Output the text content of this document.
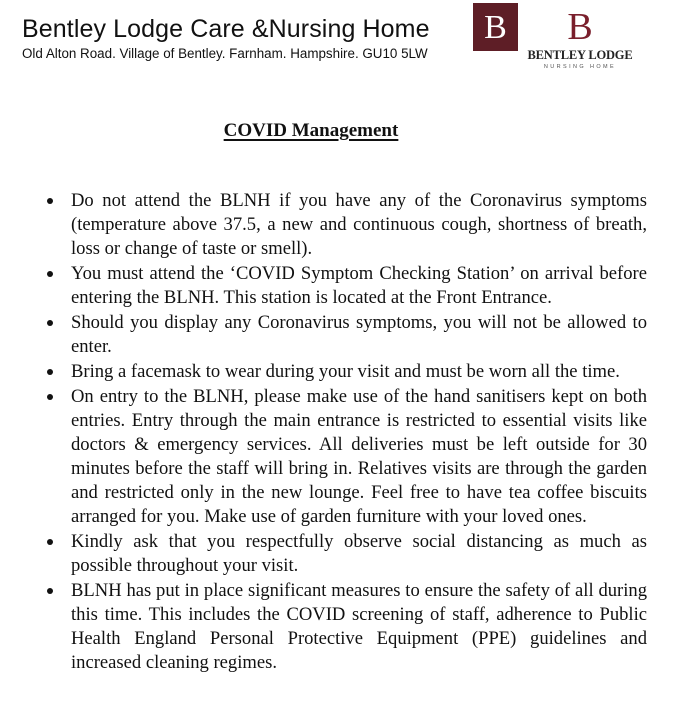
Bentley Lodge Care &Nursing Home
Old Alton Road. Village of Bentley. Farnham. Hampshire. GU10 5LW
B	B
BENTLEY LODGE
NURSING HOME
COVID Management
Do not attend the BLNH if you have any of the Coronavirus symptoms (temperature above 37.5, a new and continuous cough, shortness of breath, loss or change of taste or smell).
You must attend the ‘COVID Symptom Checking Station’ on arrival before entering the BLNH. This station is located at the Front Entrance.
Should you display any Coronavirus symptoms, you will not be allowed to enter.
Bring a facemask to wear during your visit and must be worn all the time.
On entry to the BLNH, please make use of the hand sanitisers kept on both entries. Entry through the main entrance is restricted to essential visits like doctors & emergency services. All deliveries must be left outside for 30 minutes before the staff will bring in. Relatives visits are through the garden and restricted only in the new lounge. Feel free to have tea coffee biscuits arranged for you. Make use of garden furniture with your loved ones.
Kindly ask that you respectfully observe social distancing as much as possible throughout your visit.
BLNH has put in place significant measures to ensure the safety of all during this time. This includes the COVID screening of staff, adherence to Public Health England Personal Protective Equipment (PPE) guidelines and increased cleaning regimes.
